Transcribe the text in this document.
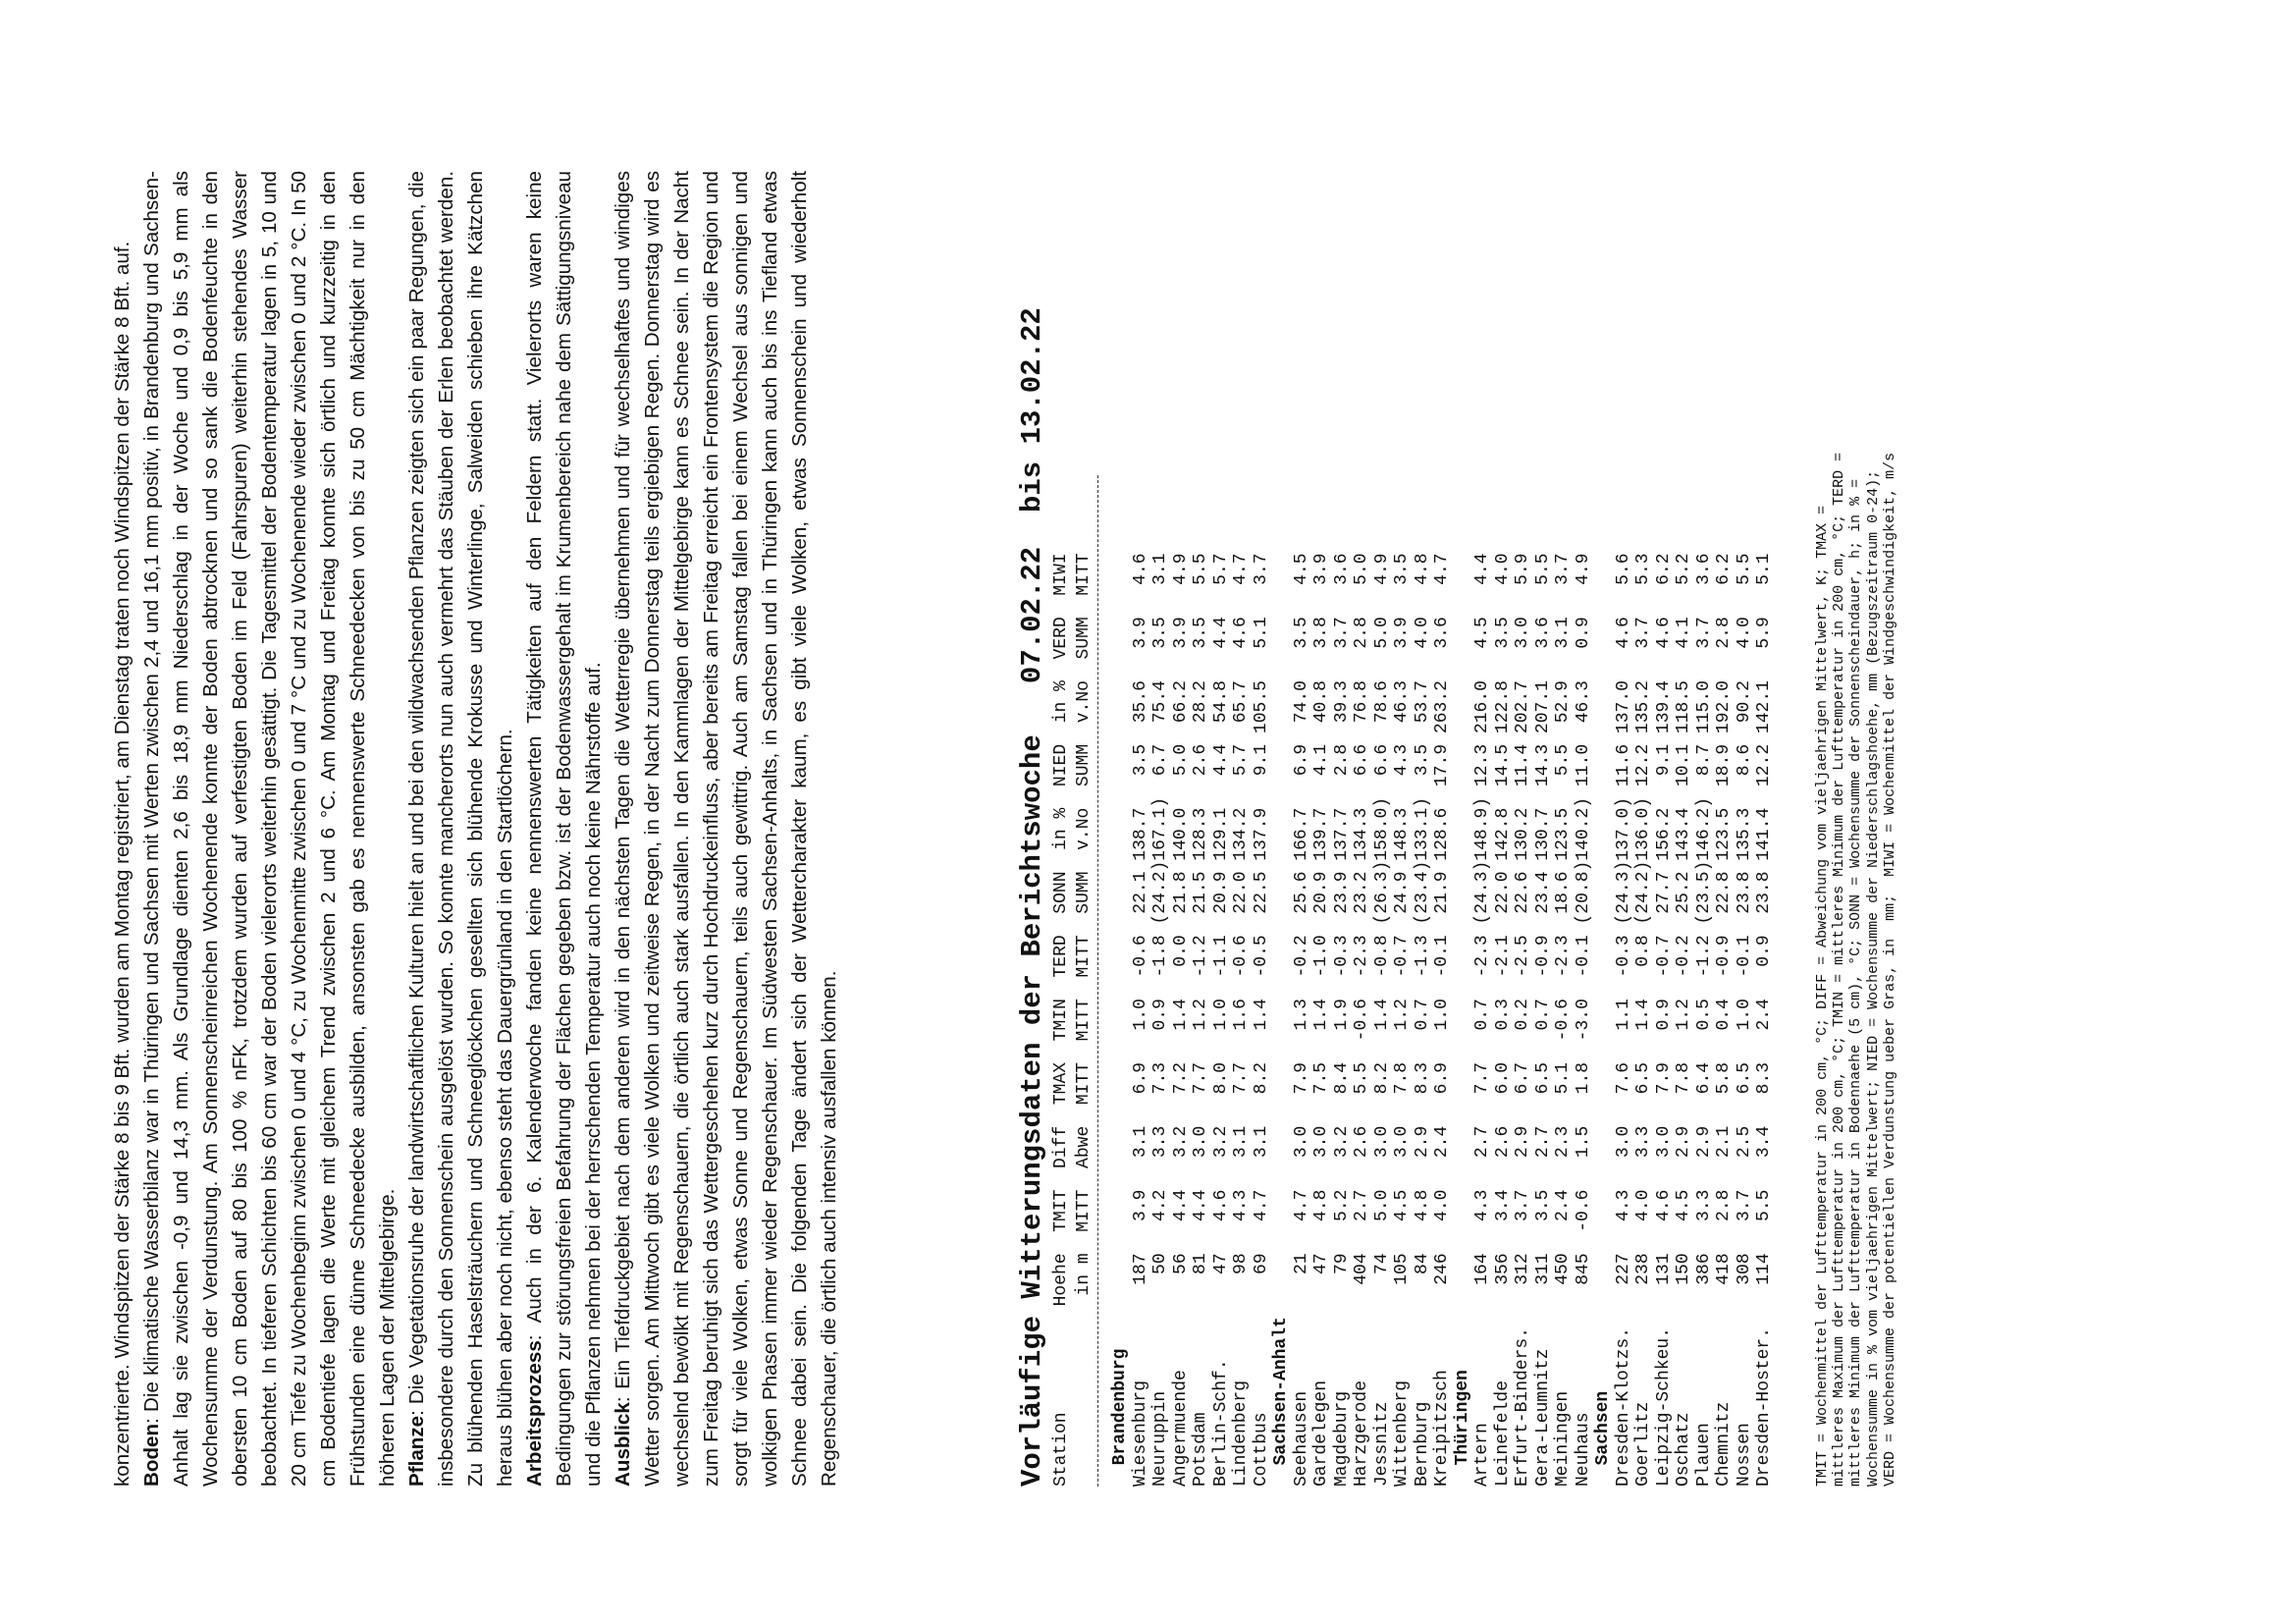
konzentrierte. Windspitzen der Stärke 8 bis 9 Bft. wurden am Montag registriert, am Dienstag traten noch Windspitzen der Stärke 8 Bft. auf. Boden: Die klimatische Wasserbilanz war in Thüringen und Sachsen mit Werten zwischen 2,4 und 16,1 mm positiv, in Brandenburg und Sachsen-Anhalt lag sie zwischen -0,9 und 14,3 mm. Als Grundlage dienten 2,6 bis 18,9 mm Niederschlag in der Woche und 0,9 bis 5,9 mm als Wochensumme der Verdunstung. Am Sonnenscheinreichen Wochenende konnte der Boden abtrocknen und so sank die Bodenfeuchte in den obersten 10 cm Boden auf 80 bis 100 % nFK, trotzdem wurden auf verfestigten Boden im Feld (Fahrspuren) weiterhin stehendes Wasser beobachtet. In tieferen Schichten bis 60 cm war der Boden vielerorts weiterhin gesättigt. Die Tagesmittel der Bodentemperatur lagen in 5, 10 und 20 cm Tiefe zu Wochenbeginn zwischen 0 und 4 °C, zu Wochenmitte zwischen 0 und 7 °C und zu Wochenende wieder zwischen 0 und 2 °C. In 50 cm Bodentiefe lagen die Werte mit gleichem Trend zwischen 2 und 6 °C. Am Montag und Freitag konnte sich örtlich und kurzzeitig in den Frühstunden eine dünne Schneedecke ausbilden, ansonsten gab es nennenswerte Schneedecken von bis zu 50 cm Mächtigkeit nur in den höheren Lagen der Mittelgebirge. Pflanze: Die Vegetationsruhe der landwirtschaftlichen Kulturen hielt an und bei den wildwachsenden Pflanzen zeigten sich ein paar Regungen, die insbesondere durch den Sonnenschein ausgelöst wurden. So konnte mancherorts nun auch vermehrt das Stäuben der Erlen beobachtet werden. Zu blühenden Haselsträuchern und Schneeglöckchen gesellten sich blühende Krokusse und Winterlinge, Salweiden schieben ihre Kätzchen heraus blühen aber noch nicht, ebenso steht das Dauergrünland in den Startlöchern. Arbeitsprozess: Auch in der 6. Kalenderwoche fanden keine nennenswerten Tätigkeiten auf den Feldern statt. Vielerorts waren keine Bedingungen zur störungsfreien Befahrung der Flächen gegeben bzw. ist der Bodenwassergehalt im Krumenbereich nahe dem Sättigungsniveau und die Pflanzen nehmen bei der herrschenden Temperatur auch noch keine Nährstoffe auf. Ausblick: Ein Tiefdruckgebiet nach dem anderen wird in den nächsten Tagen die Wetterregie übernehmen und für wechselhaftes und windiges Wetter sorgen. Am Mittwoch gibt es viele Wolken und zeitweise Regen, in der Nacht zum Donnerstag teils ergiebigen Regen. Donnerstag wird es wechselnd bewölkt mit Regenschauern, die örtlich auch stark ausfallen. In den Kammlagen der Mittelgebirge kann es Schnee sein. In der Nacht zum Freitag beruhigt sich das Wettergeschehen kurz durch Hochdruckeinfluss, aber bereits am Freitag erreicht ein Frontensystem die Region und sorgt für viele Wolken, etwas Sonne und Regenschauern, teils auch gewittrig. Auch am Samstag fallen bei einem Wechsel aus sonnigen und wolkigen Phasen immer wieder Regenschauer. Im Südwesten Sachsen-Anhalts, in Sachsen und in Thüringen kann auch bis ins Tiefland etwas Schnee dabei sein. Die folgenden Tage ändert sich der Wettercharakter kaum, es gibt viele Wolken, etwas Sonnenschein und wiederholt Regenschauer, die örtlich auch intensiv ausfallen können.	Vorläufige Witterungsdaten der Berichtswoche   07.02.22  bis 13.02.22 Station          Hoehe  TMIT  Diff  TMAX  TMIN  TERD  SONN  in %  NIED  in %  VERD  MIWI in m  MITT  Abwe  MITT  MITT  MITT  SUMM  v.No  SUMM  v.No  SUMM  MITT Brandenburg Wiesenburg         187   3.9   3.1   6.9   1.0  -0.6  22.1 138.7   3.5  35.6   3.9   4.6 Neuruppin           50   4.2   3.3   7.3   0.9  -1.8 (24.2)167.1)  6.7  75.4   3.5   3.1 Angermuende         56   4.4   3.2   7.2   1.4   0.0  21.8 140.0   5.0  66.2   3.9   4.9 Potsdam             81   4.4   3.0   7.7   1.2  -1.2  21.5 128.3   2.6  28.2   3.5   5.5 Berlin-Schf.        47   4.6   3.2   8.0   1.0  -1.1  20.9 129.1   4.4  54.8   4.4   5.7 Lindenberg          98   4.3   3.1   7.7   1.6  -0.6  22.0 134.2   5.7  65.7   4.6   4.7 Cottbus             69   4.7   3.1   8.2   1.4  -0.5  22.5 137.9   9.1 105.5   5.1   3.7 Sachsen-Anhalt Seehausen           21   4.7   3.0   7.9   1.3  -0.2  25.6 166.7   6.9  74.0   3.5   4.5 Gardelegen          47   4.8   3.0   7.5   1.4  -1.0  20.9 139.7   4.1  40.8   3.8   3.9 Magdeburg           79   5.2   3.2   8.4   1.9  -0.3  23.9 137.7   2.8  39.3   3.7   3.6 Harzgerode         404   2.7   2.6   5.5  -0.6  -2.3  23.2 134.3   6.6  76.8   2.8   5.0 Jessnitz            74   5.0   3.0   8.2   1.4  -0.8 (26.3)158.0)  6.6  78.6   5.0   4.9 Wittenberg         105   4.5   3.0   7.8   1.2  -0.7  24.9 148.3   4.3  46.3   3.9   3.5 Bernburg            84   4.8   2.9   8.3   0.7  -1.3 (23.4)133.1)  3.5  53.7   4.0   4.8 Kreipitzsch        246   4.0   2.4   6.9   1.0  -0.1  21.9 128.6  17.9 263.2   3.6   4.7 Thüringen Artern             164   4.3   2.7   7.7   0.7  -2.3 (24.3)148.9) 12.3 216.0   4.5   4.4 Leinefelde         356   3.4   2.6   6.0   0.3  -2.1  22.0 142.8  14.5 122.8   3.5   4.0 Erfurt-Binders.    312   3.7   2.9   6.7   0.2  -2.5  22.6 130.2  11.4 202.7   3.0   5.9 Gera-Leumnitz      311   3.5   2.7   6.5   0.7  -0.9  23.4 130.7  14.3 207.1   3.6   5.5 Meiningen          450   2.4   2.3   5.1  -0.6  -2.3  18.6 123.5   5.5  52.9   3.1   3.7 Neuhaus            845  -0.6   1.5   1.8  -3.0  -0.1 (20.8)140.2) 11.0  46.3   0.9   4.9 Sachsen Dresden-Klotzs.    227   4.3   3.0   7.6   1.1  -0.3 (24.3)137.0) 11.6 137.0   4.6   5.6 Goerlitz           238   4.0   3.3   6.5   1.4   0.8 (24.2)136.0) 12.2 135.2   3.7   5.3 Leipzig-Schkeu.    131   4.6   3.0   7.9   0.9  -0.7  27.7 156.2   9.1 139.4   4.6   6.2 Oschatz            150   4.5   2.9   7.8   1.2  -0.2  25.2 143.4  10.1 118.5   4.1   5.2 Plauen             386   3.3   2.9   6.4   0.5  -1.2 (23.5)146.2)  8.7 115.0   3.7   3.6 Chemnitz           418   2.8   2.1   5.8   0.4  -0.9  22.8 123.5  18.9 192.0   2.8   6.2 Nossen             308   3.7   2.5   6.5   1.0  -0.1  23.8 135.3   8.6  90.2   4.0   5.5 Dresden-Hoster.    114   5.5   3.4   8.3   2.4   0.9  23.8 141.4  12.2 142.1   5.9   5.1	TMIT = Wochenmittel der Lufttemperatur in 200 cm, °C; DIFF = Abweichung vom vieljaehrigen Mittelwert, K; TMAX = mittleres Maximum der Lufttemperatur in 200 cm, °C; TMIN = mittleres Minimum der Lufttemperatur in 200 cm, °C; TERD = mittleres Minimum der Lufttemperatur in Bodennaehe (5 cm), °C; SONN = Wochensumme der Sonnenscheindauer, h; in % = Wochensumme in % vom vieljaehrigen Mittelwert; NIED = Wochensumme der Niederschlagshoehe, mm (Bezugszeitraum 0-24); VERD = Wochensumme der potentiellen Verdunstung ueber Gras, in  mm;  MIWI = Wochenmittel der Windgeschwindigkeit, m/s
